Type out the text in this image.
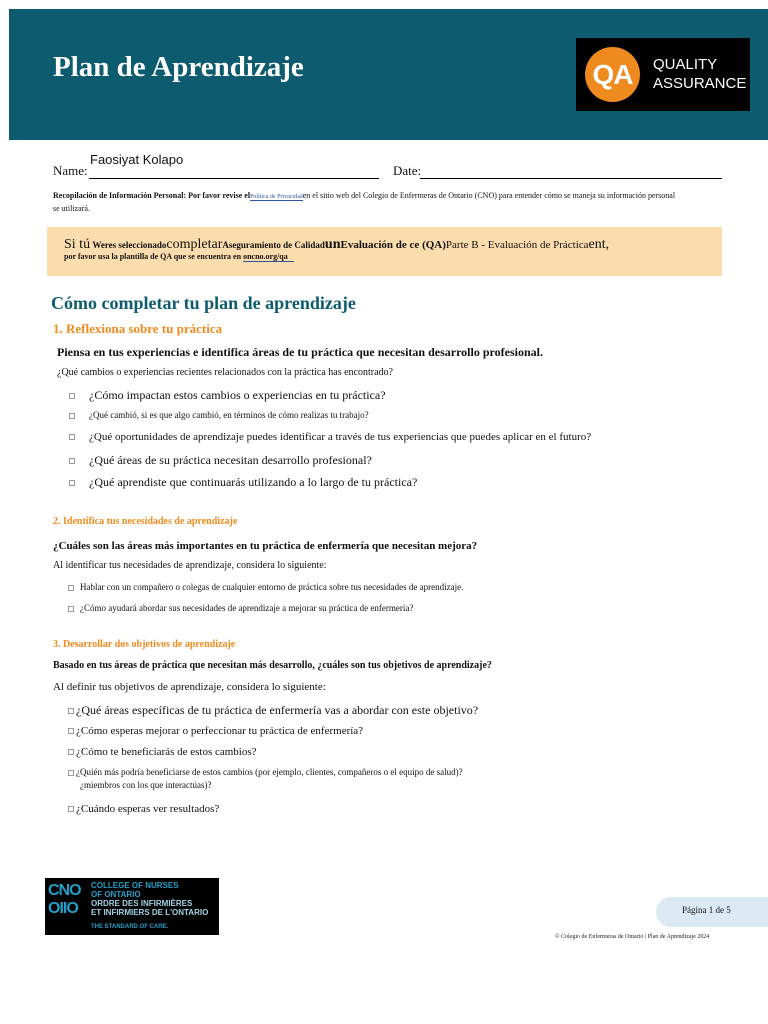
Plan de Aprendizaje	QA	QUALITY
ASSURANCE
Faosiyat Kolapo
Name:	Date:
Recopilación de Información Personal: Por favor revise elPolítica de Privacidaden el sitio web del Colegio de Enfermeras de Ontario (CNO) para entender cómo se maneja su información personal
se utilizará.
Si tú Weres seleccionadocompletarAseguramiento de CalidadunEvaluación de ce (QA)Parte B - Evaluación de Prácticaent,
por favor usa la plantilla de QA que se encuentra en oncno.org/qa
Cómo completar tu plan de aprendizaje
1. Reflexiona sobre tu práctica

Piensa en tus experiencias e identifica áreas de tu práctica que necesitan desarrollo profesional.

¿Qué cambios o experiencias recientes relacionados con la práctica has encontrado?

¿Cómo impactan estos cambios o experiencias en tu práctica?
¿Qué cambió, si es que algo cambió, en términos de cómo realizas tu trabajo?
¿Qué oportunidades de aprendizaje puedes identificar a través de tus experiencias que puedes aplicar en el futuro?
¿Qué áreas de su práctica necesitan desarrollo profesional?
¿Qué aprendiste que continuarás utilizando a lo largo de tu práctica?
2. Identifica tus necesidades de aprendizaje

¿Cuáles son las áreas más importantes en tu práctica de enfermería que necesitan mejora?

Al identificar tus necesidades de aprendizaje, considera lo siguiente:

Hablar con un compañero o colegas de cualquier entorno de práctica sobre tus necesidades de aprendizaje.
¿Cómo ayudará abordar sus necesidades de aprendizaje a mejorar su práctica de enfermería?
3. Desarrollar dos objetivos de aprendizaje

Basado en tus áreas de práctica que necesitan más desarrollo, ¿cuáles son tus objetivos de aprendizaje?

Al definir tus objetivos de aprendizaje, considera lo siguiente:

¿Qué áreas específicas de tu práctica de enfermería vas a abordar con este objetivo?
¿Cómo esperas mejorar o perfeccionar tu práctica de enfermería?
¿Cómo te beneficiarás de estos cambios?
¿Quién más podría beneficiarse de estos cambios (por ejemplo, clientes, compañeros o el equipo de salud)?

¿miembros con los que interactúas)?

¿Cuándo esperas ver resultados?
CNO
OIIO
COLLEGE OF NURSES
OF ONTARIO
ORDRE DES INFIRMIÈRES
ET INFIRMIERS DE L'ONTARIO
THE STANDARD OF CARE.
Página 1 de 5
© Colegio de Enfermeras de Ontario | Plan de Aprendizaje 2024
